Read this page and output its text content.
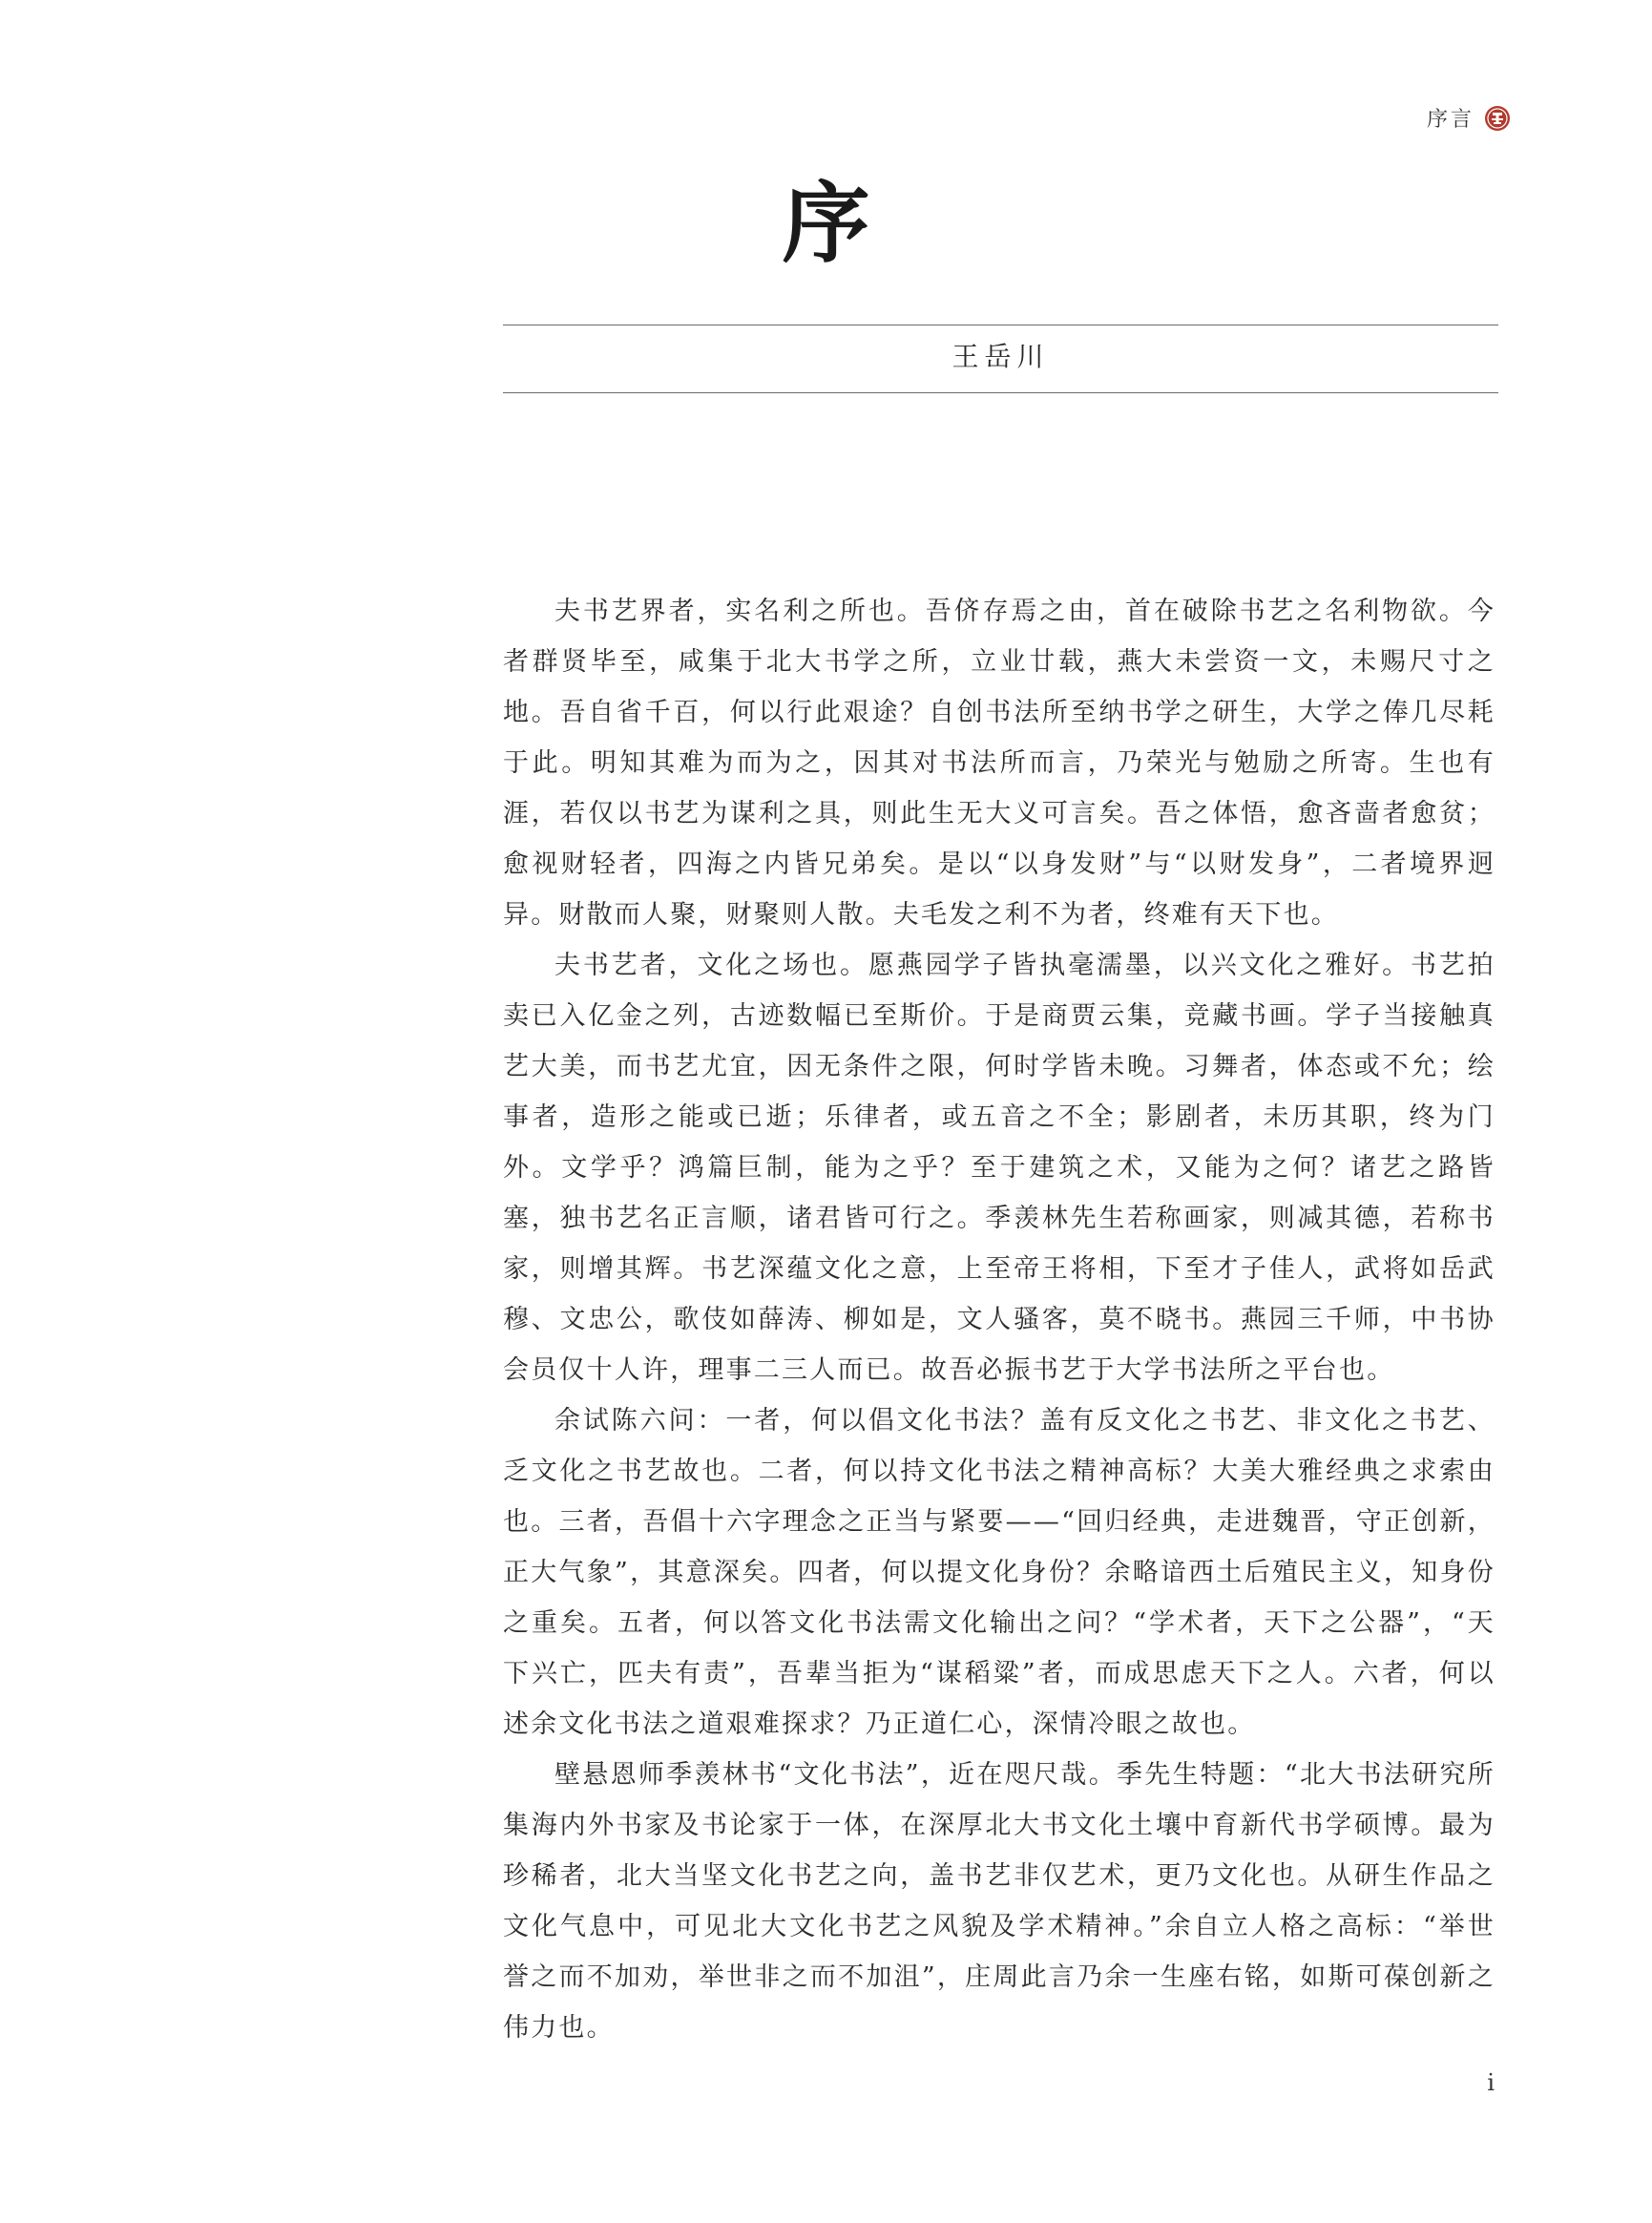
序言
序
王岳川

夫书艺界者，实名利之所也。吾侪存焉之由，首在破除书艺之名利物欲。今者群贤毕至，咸集于北大书学之所，立业廿载，燕大未尝资一文，未赐尺寸之地。吾自省千百，何以行此艰途？自创书法所至纳书学之研生，大学之俸几尽耗于此。明知其难为而为之，因其对书法所而言，乃荣光与勉励之所寄。生也有涯，若仅以书艺为谋利之具，则此生无大义可言矣。吾之体悟，愈吝啬者愈贫；愈视财轻者，四海之内皆兄弟矣。是以“以身发财”与“以财发身”，二者境界迥异。财散而人聚，财聚则人散。夫毛发之利不为者，终难有天下也。

夫书艺者，文化之场也。愿燕园学子皆执毫濡墨，以兴文化之雅好。书艺拍卖已入亿金之列，古迹数幅已至斯价。于是商贾云集，竞藏书画。学子当接触真艺大美，而书艺尤宜，因无条件之限，何时学皆未晚。习舞者，体态或不允；绘事者，造形之能或已逝；乐律者，或五音之不全；影剧者，未历其职，终为门外。文学乎？鸿篇巨制，能为之乎？至于建筑之术，又能为之何？诸艺之路皆塞，独书艺名正言顺，诸君皆可行之。季羡林先生若称画家，则减其德，若称书家，则增其辉。书艺深蕴文化之意，上至帝王将相，下至才子佳人，武将如岳武穆、文忠公，歌伎如薛涛、柳如是，文人骚客，莫不晓书。燕园三千师，中书协会员仅十人许，理事二三人而已。故吾必振书艺于大学书法所之平台也。

余试陈六问：一者，何以倡文化书法？盖有反文化之书艺、非文化之书艺、乏文化之书艺故也。二者，何以持文化书法之精神高标？大美大雅经典之求索由也。三者，吾倡十六字理念之正当与紧要——“回归经典，走进魏晋，守正创新，正大气象”，其意深矣。四者，何以提文化身份？余略谙西土后殖民主义，知身份之重矣。五者，何以答文化书法需文化输出之问？“学术者，天下之公器”，“天下兴亡，匹夫有责”，吾辈当拒为“谋稻粱”者，而成思虑天下之人。六者，何以述余文化书法之道艰难探求？乃正道仁心，深情冷眼之故也。

壁悬恩师季羡林书“文化书法”，近在咫尺哉。季先生特题：“北大书法研究所集海内外书家及书论家于一体，在深厚北大书文化土壤中育新代书学硕博。最为珍稀者，北大当坚文化书艺之向，盖书艺非仅艺术，更乃文化也。从研生作品之文化气息中，可见北大文化书艺之风貌及学术精神。”余自立人格之高标：“举世誉之而不加劝，举世非之而不加沮”，庄周此言乃余一生座右铭，如斯可葆创新之伟力也。

i
